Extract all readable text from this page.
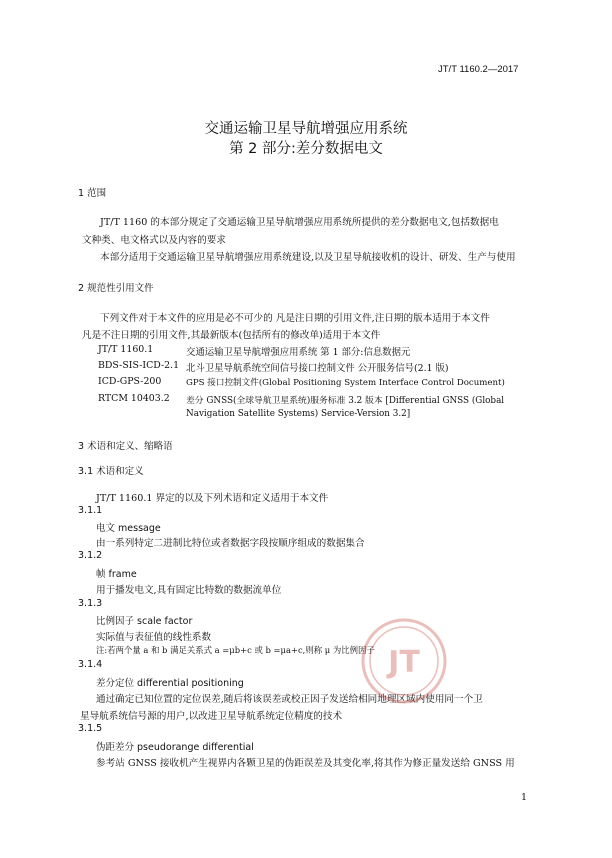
JT/T 1160.2—2017
交通运输卫星导航增强应用系统
第 2 部分:差分数据电文
1 范围
JT/T 1160 的本部分规定了交通运输卫星导航增强应用系统所提供的差分数据电文,包括数据电
文种类、电文格式以及内容的要求
本部分适用于交通运输卫星导航增强应用系统建设,以及卫星导航接收机的设计、研发、生产与使用
2 规范性引用文件
下列文件对于本文件的应用是必不可少的 凡是注日期的引用文件,注日期的版本适用于本文件
凡是不注日期的引用文件,其最新版本(包括所有的修改单)适用于本文件
JT/T 1160.1	交通运输卫星导航增强应用系统 第 1 部分:信息数据元
BDS-SIS-ICD-2.1 北斗卫星导航系统空间信号接口控制文件 公开服务信号(2.1 版)
ICD-GPS-200	GPS 接口控制文件(Global Positioning System Interface Control Document)
RTCM 10403.2 差分 GNSS(全球导航卫星系统)服务标准 3.2 版本 [Differential GNSS (Global
Navigation Satellite Systems) Service-Version 3.2]
3 术语和定义、缩略语
3.1 术语和定义
JT/T 1160.1 界定的以及下列术语和定义适用于本文件
3.1.1
电文 message
由一系列特定二进制比特位或者数据字段按顺序组成的数据集合
3.1.2
帧 frame
用于播发电文,具有固定比特数的数据流单位
3.1.3
比例因子 scale factor
实际值与表征值的线性系数
注:若两个量 a 和 b 满足关系式 a =μb+c 或 b =μa+c,则称 μ 为比例因子
3.1.4
差分定位 differential positioning
通过确定已知位置的定位误差,随后将该误差或校正因子发送给相同地理区域内使用同一个卫
星导航系统信号源的用户,以改进卫星导航系统定位精度的技术
3.1.5
伪距差分 pseudorange differential
参考站 GNSS 接收机产生视界内各颗卫星的伪距误差及其变化率,将其作为修正量发送给 GNSS 用
JT
1
